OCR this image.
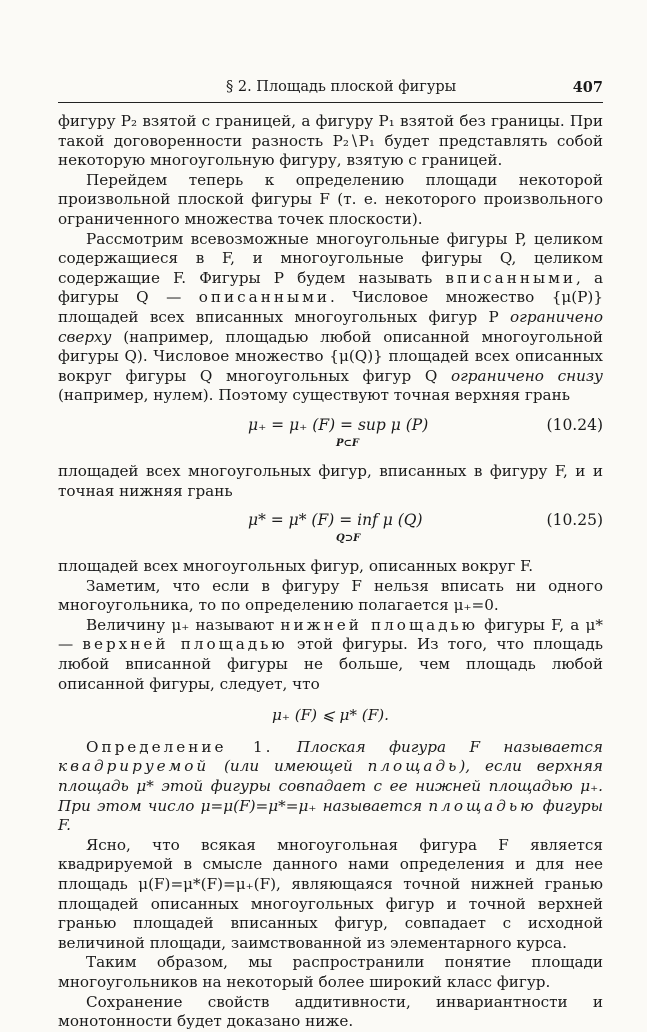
§ 2. Площадь плоской фигуры	407

фигуру P₂ взятой с границей, а фигуру P₁ взятой без границы. При такой договоренности разность P₂∖P₁ будет представлять собой некоторую многоугольную фигуру, взятую с границей.

Перейдем теперь к определению площади некоторой произвольной плоской фигуры F (т. е. некоторого произвольного ограниченного множества точек плоскости).

Рассмотрим всевозможные многоугольные фигуры P, целиком содержащиеся в F, и многоугольные фигуры Q, целиком содержащие F. Фигуры P будем называть вписанными, а фигуры Q — описанными. Числовое множество {μ(P)} площадей всех вписанных многоугольных фигур P ограничено сверху (например, площадью любой описанной многоугольной фигуры Q). Числовое множество {μ(Q)} площадей всех описанных вокруг фигуры Q многоугольных фигур Q ограничено снизу (например, нулем). Поэтому существуют точная верхняя грань

μ₊ = μ₊ (F) = sup μ (P)
P⊂F
(10.24)

площадей всех многоугольных фигур, вписанных в фигуру F, и и точная нижняя грань

μ* = μ* (F) = inf μ (Q)
Q⊃F
(10.25)

площадей всех многоугольных фигур, описанных вокруг F.

Заметим, что если в фигуру F нельзя вписать ни одного многоугольника, то по определению полагается μ₊=0.

Величину μ₊ называют нижней площадью фигуры F, а μ* — верхней площадью этой фигуры. Из того, что площадь любой вписанной фигуры не больше, чем площадь любой описанной фигуры, следует, что

μ₊ (F) ⩽ μ* (F).

Определение 1. Плоская фигура F называется квадрируемой (или имеющей площадь), если верхняя площадь μ* этой фигуры совпадает с ее нижней площадью μ₊. При этом число μ=μ(F)=μ*=μ₊ называется площадью фигуры F.

Ясно, что всякая многоугольная фигура F является квадрируемой в смысле данного нами определения и для нее площадь μ(F)=μ*(F)=μ₊(F), являющаяся точной нижней гранью площадей описанных многоугольных фигур и точной верхней гранью площадей вписанных фигур, совпадает с исходной величиной площади, заимствованной из элементарного курса.

Таким образом, мы распространили понятие площади многоугольников на некоторый более широкий класс фигур.

Сохранение свойств аддитивности, инвариантности и монотонности будет доказано ниже.
